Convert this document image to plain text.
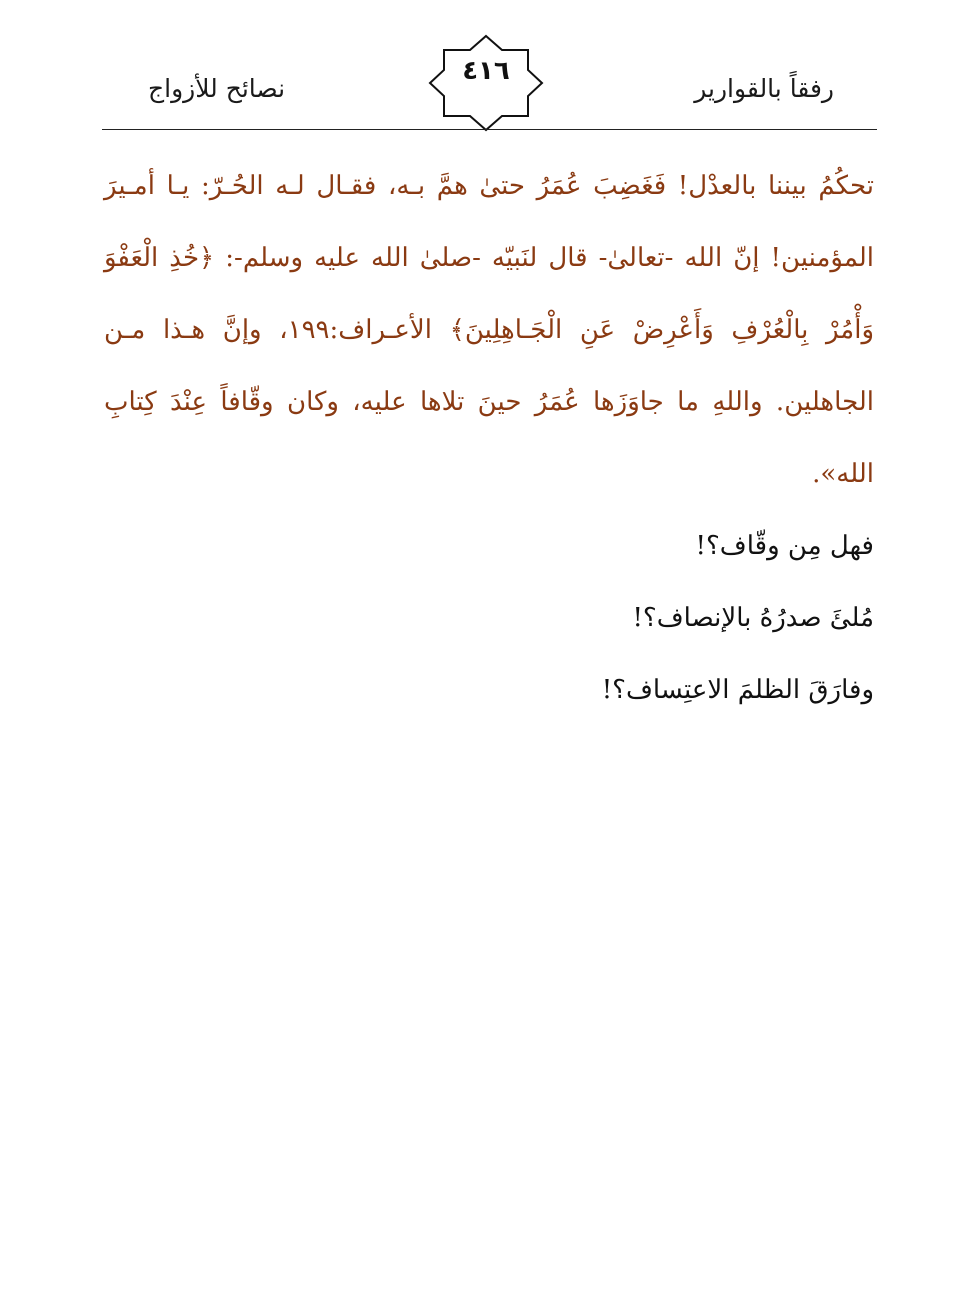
رفقاً بالقوارير
٤١٦
نصائح للأزواج

تحكُمُ بيننا بالعدْل! فَغَضِبَ عُمَرُ حتىٰ همَّ بـه، فقـال لـه الحُـرّ: يـا أمـيرَ المؤمنين! إنّ الله -تعالىٰ- قال لنَبيّه -صلىٰ الله عليه وسلم-: ﴿خُذِ الْعَفْوَ وَأْمُرْ بِالْعُرْفِ وَأَعْرِضْ عَنِ الْجَـاهِلِينَ﴾ الأعـراف:١٩٩، وإنَّ هـذا مـن الجاهلين. واللهِ ما جاوَزَها عُمَرُ حينَ تلاها عليه، وكان وقّافاً عِنْدَ كِتابِ الله».

فهل مِن وقّاف؟!

مُلئَ صدرُهُ بالإنصاف؟!

وفارَقَ الظلمَ الاعتِساف؟!
